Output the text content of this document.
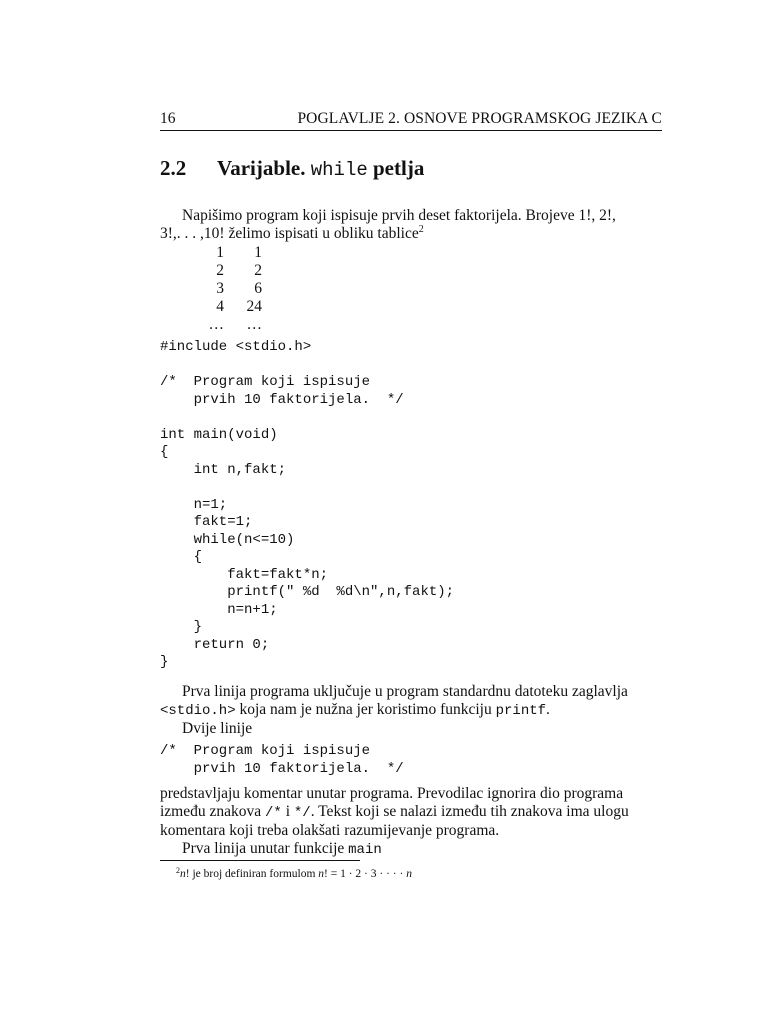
16	POGLAVLJE 2. OSNOVE PROGRAMSKOG JEZIKA C
2.2 Varijable. while petlja
Napišimo program koji ispisuje prvih deset faktorijela. Brojeve 1!, 2!,
3!,. . . ,10! želimo ispisati u obliku tablice$^2$
1 1
2 2
3 6
4 24
… …
#include <stdio.h>

/*  Program koji ispisuje
prvih 10 faktorijela.  */

int main(void)
{
int n,fakt;

n=1;
fakt=1;
while(n<=10)
{
fakt=fakt*n;
printf(" %d  %d\n",n,fakt);
n=n+1;
}
return 0;
}
Prva linija programa uključuje u program standardnu datoteku zaglavlja
<stdio.h> koja nam je nužna jer koristimo funkciju printf.
Dvije linije
/*  Program koji ispisuje
prvih 10 faktorijela.  */
predstavljaju komentar unutar programa. Prevodilac ignorira dio programa
između znakova /* i */. Tekst koji se nalazi između tih znakova ima ulogu
komentara koji treba olakšati razumijevanje programa.
Prva linija unutar funkcije main
$^2$n! je broj definiran formulom n! = 1 · 2 · 3 · · · · n
